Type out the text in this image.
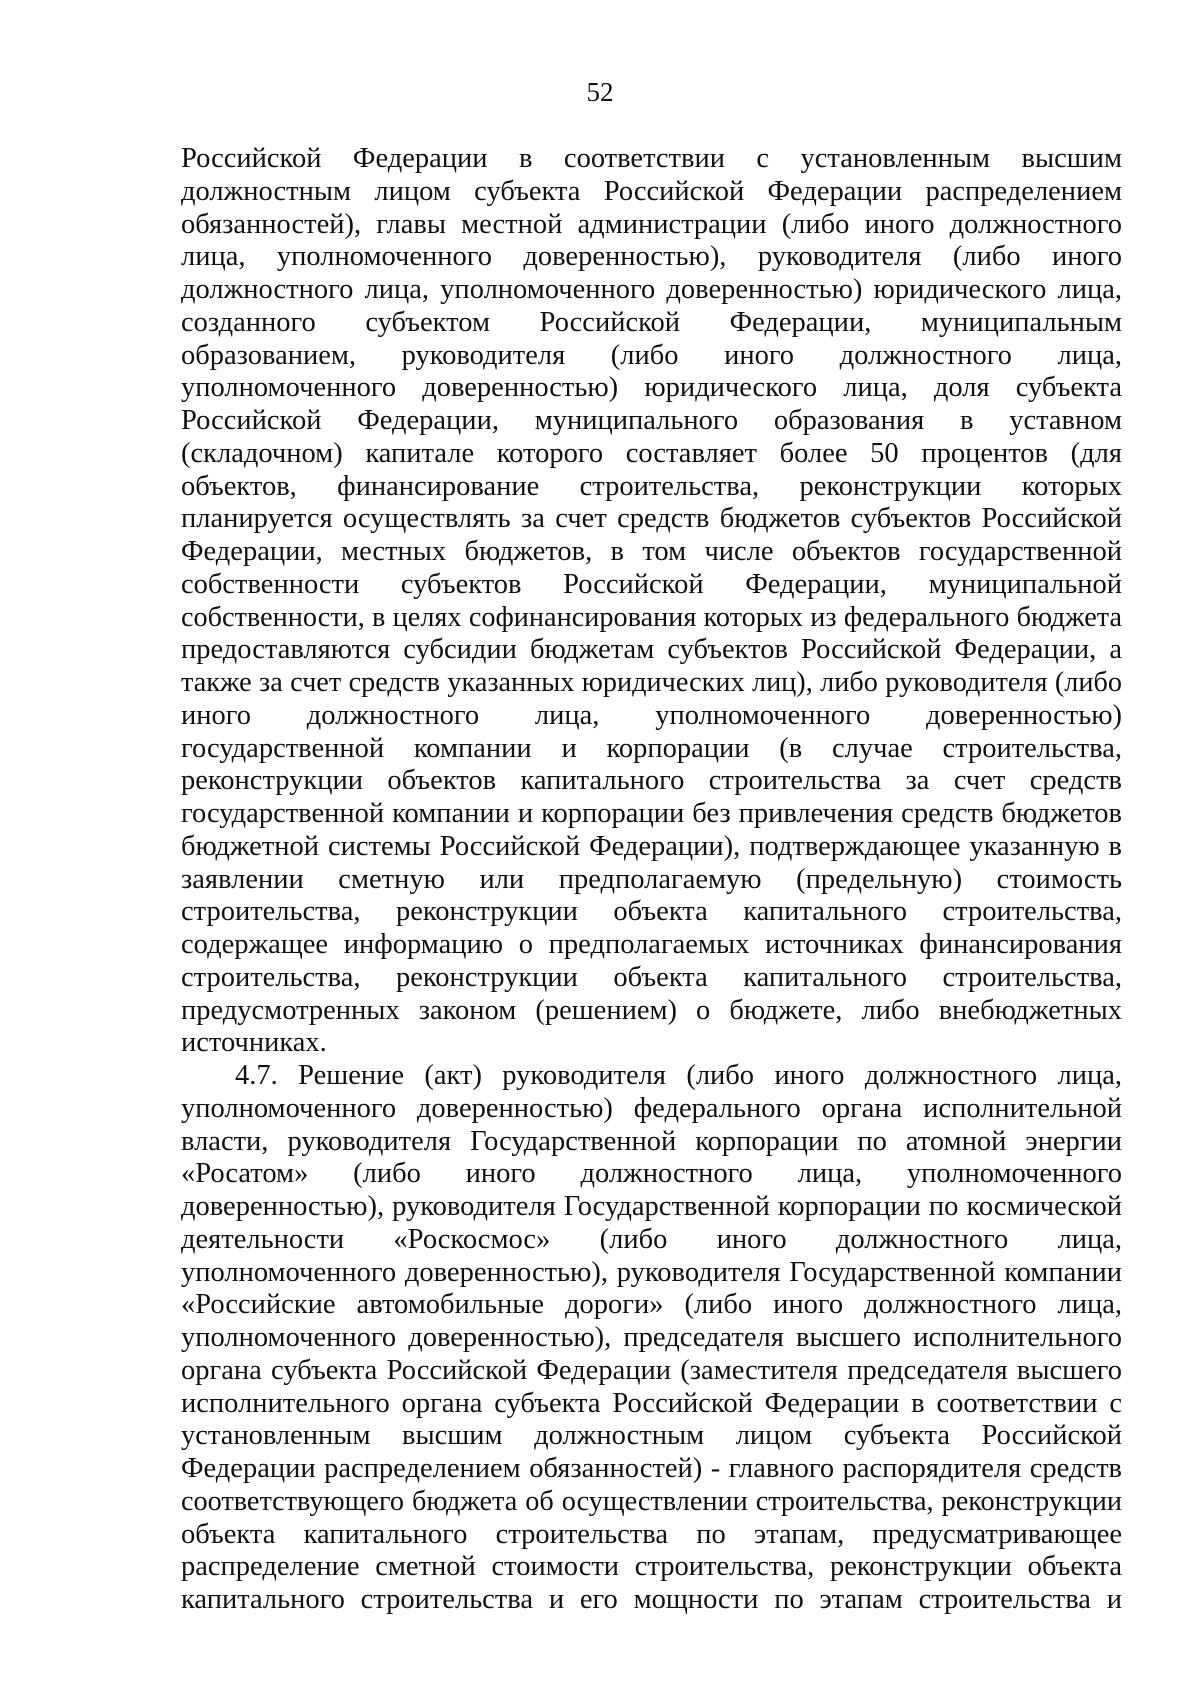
52
Российской Федерации в соответствии с установленным высшим
должностным лицом субъекта Российской Федерации распределением
обязанностей), главы местной администрации (либо иного должностного
лица, уполномоченного доверенностью), руководителя (либо иного
должностного лица, уполномоченного доверенностью) юридического лица,
созданного субъектом Российской Федерации, муниципальным
образованием, руководителя (либо иного должностного лица,
уполномоченного доверенностью) юридического лица, доля субъекта
Российской Федерации, муниципального образования в уставном
(складочном) капитале которого составляет более 50 процентов (для
объектов, финансирование строительства, реконструкции которых
планируется осуществлять за счет средств бюджетов субъектов Российской
Федерации, местных бюджетов, в том числе объектов государственной
собственности субъектов Российской Федерации, муниципальной
собственности, в целях софинансирования которых из федерального бюджета
предоставляются субсидии бюджетам субъектов Российской Федерации, а
также за счет средств указанных юридических лиц), либо руководителя (либо
иного должностного лица, уполномоченного доверенностью)
государственной компании и корпорации (в случае строительства,
реконструкции объектов капитального строительства за счет средств
государственной компании и корпорации без привлечения средств бюджетов
бюджетной системы Российской Федерации), подтверждающее указанную в
заявлении сметную или предполагаемую (предельную) стоимость
строительства, реконструкции объекта капитального строительства,
содержащее информацию о предполагаемых источниках финансирования
строительства, реконструкции объекта капитального строительства,
предусмотренных законом (решением) о бюджете, либо внебюджетных
источниках.
4.7. Решение (акт) руководителя (либо иного должностного лица,
уполномоченного доверенностью) федерального органа исполнительной
власти, руководителя Государственной корпорации по атомной энергии
«Росатом» (либо иного должностного лица, уполномоченного
доверенностью), руководителя Государственной корпорации по космической
деятельности «Роскосмос» (либо иного должностного лица,
уполномоченного доверенностью), руководителя Государственной компании
«Российские автомобильные дороги» (либо иного должностного лица,
уполномоченного доверенностью), председателя высшего исполнительного
органа субъекта Российской Федерации (заместителя председателя высшего
исполнительного органа субъекта Российской Федерации в соответствии с
установленным высшим должностным лицом субъекта Российской
Федерации распределением обязанностей) - главного распорядителя средств
соответствующего бюджета об осуществлении строительства, реконструкции
объекта капитального строительства по этапам, предусматривающее
распределение сметной стоимости строительства, реконструкции объекта
капитального строительства и его мощности по этапам строительства и
